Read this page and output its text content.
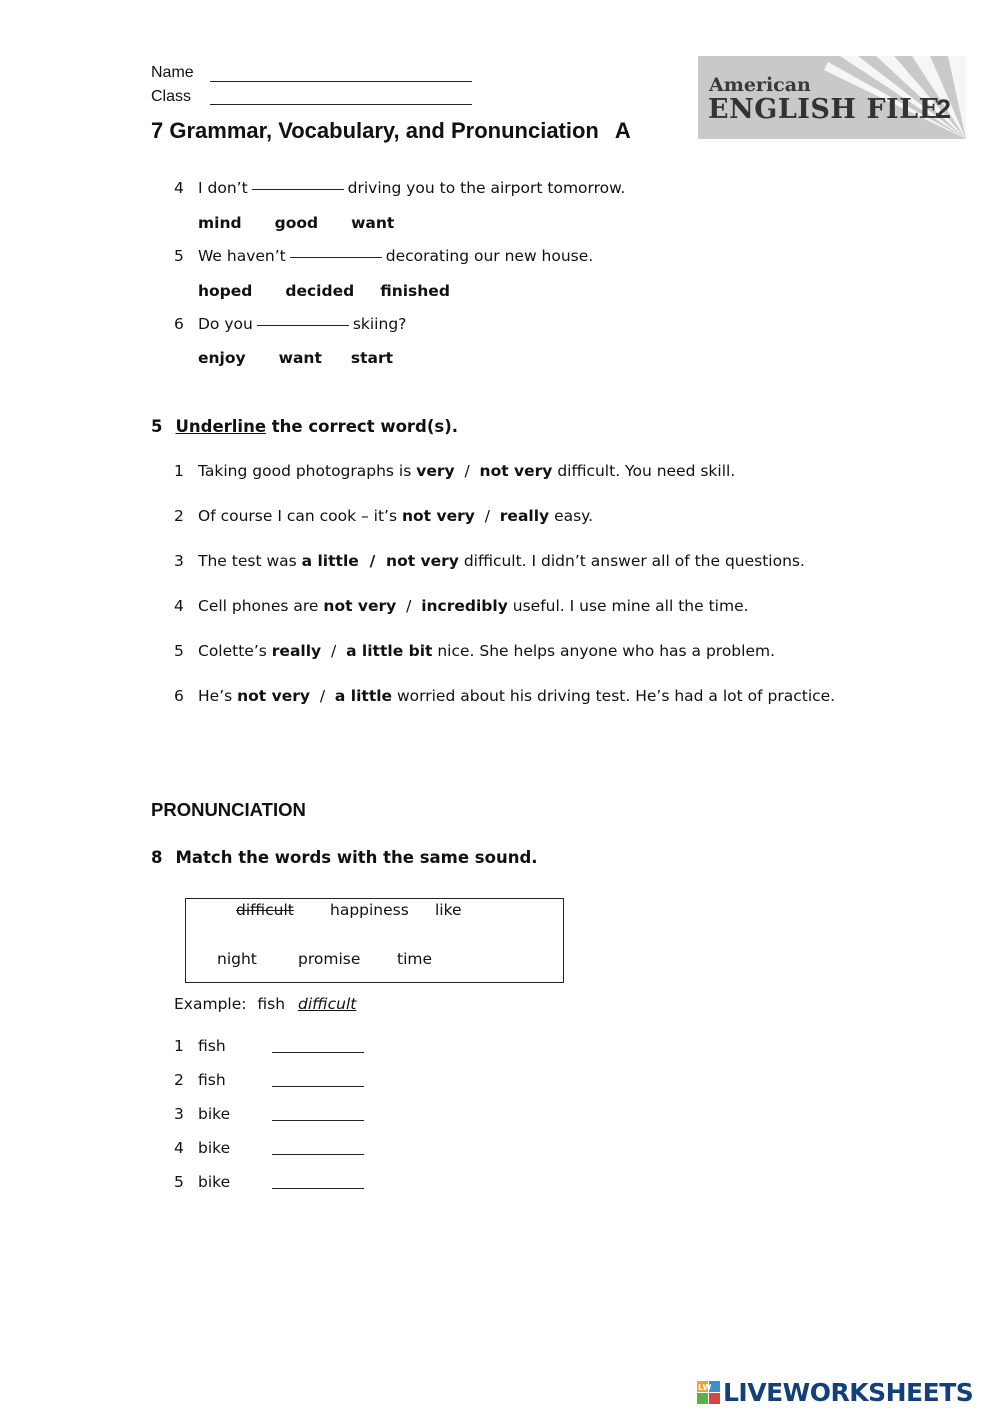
Name
Class
7 Grammar, Vocabulary, and Pronunciation A
American
ENGLISH FILE
2
4 I don’t	driving you to the airport tomorrow.
mind good want
5 We haven’t	decorating our new house.
hoped decided finished
6 Do you	skiing?
enjoy want start
5 Underline the correct word(s).
1 Taking good photographs is very  /  not very difficult. You need skill.
2 Of course I can cook – it’s not very  /  really easy.
3 The test was a little  /  not very difficult. I didn’t answer all of the questions.
4 Cell phones are not very  /  incredibly useful. I use mine all the time.
5 Colette’s really  /  a little bit nice. She helps anyone who has a problem.
6 He’s not very  /  a little worried about his driving test. He’s had a lot of practice.
PRONUNCIATION
8 Match the words with the same sound.
difficult happiness like
night	promise time
Example: fish difficult
1 fish
2 fish
3 bike
4 bike
5 bike
LW LIVEWORKSHEETS
